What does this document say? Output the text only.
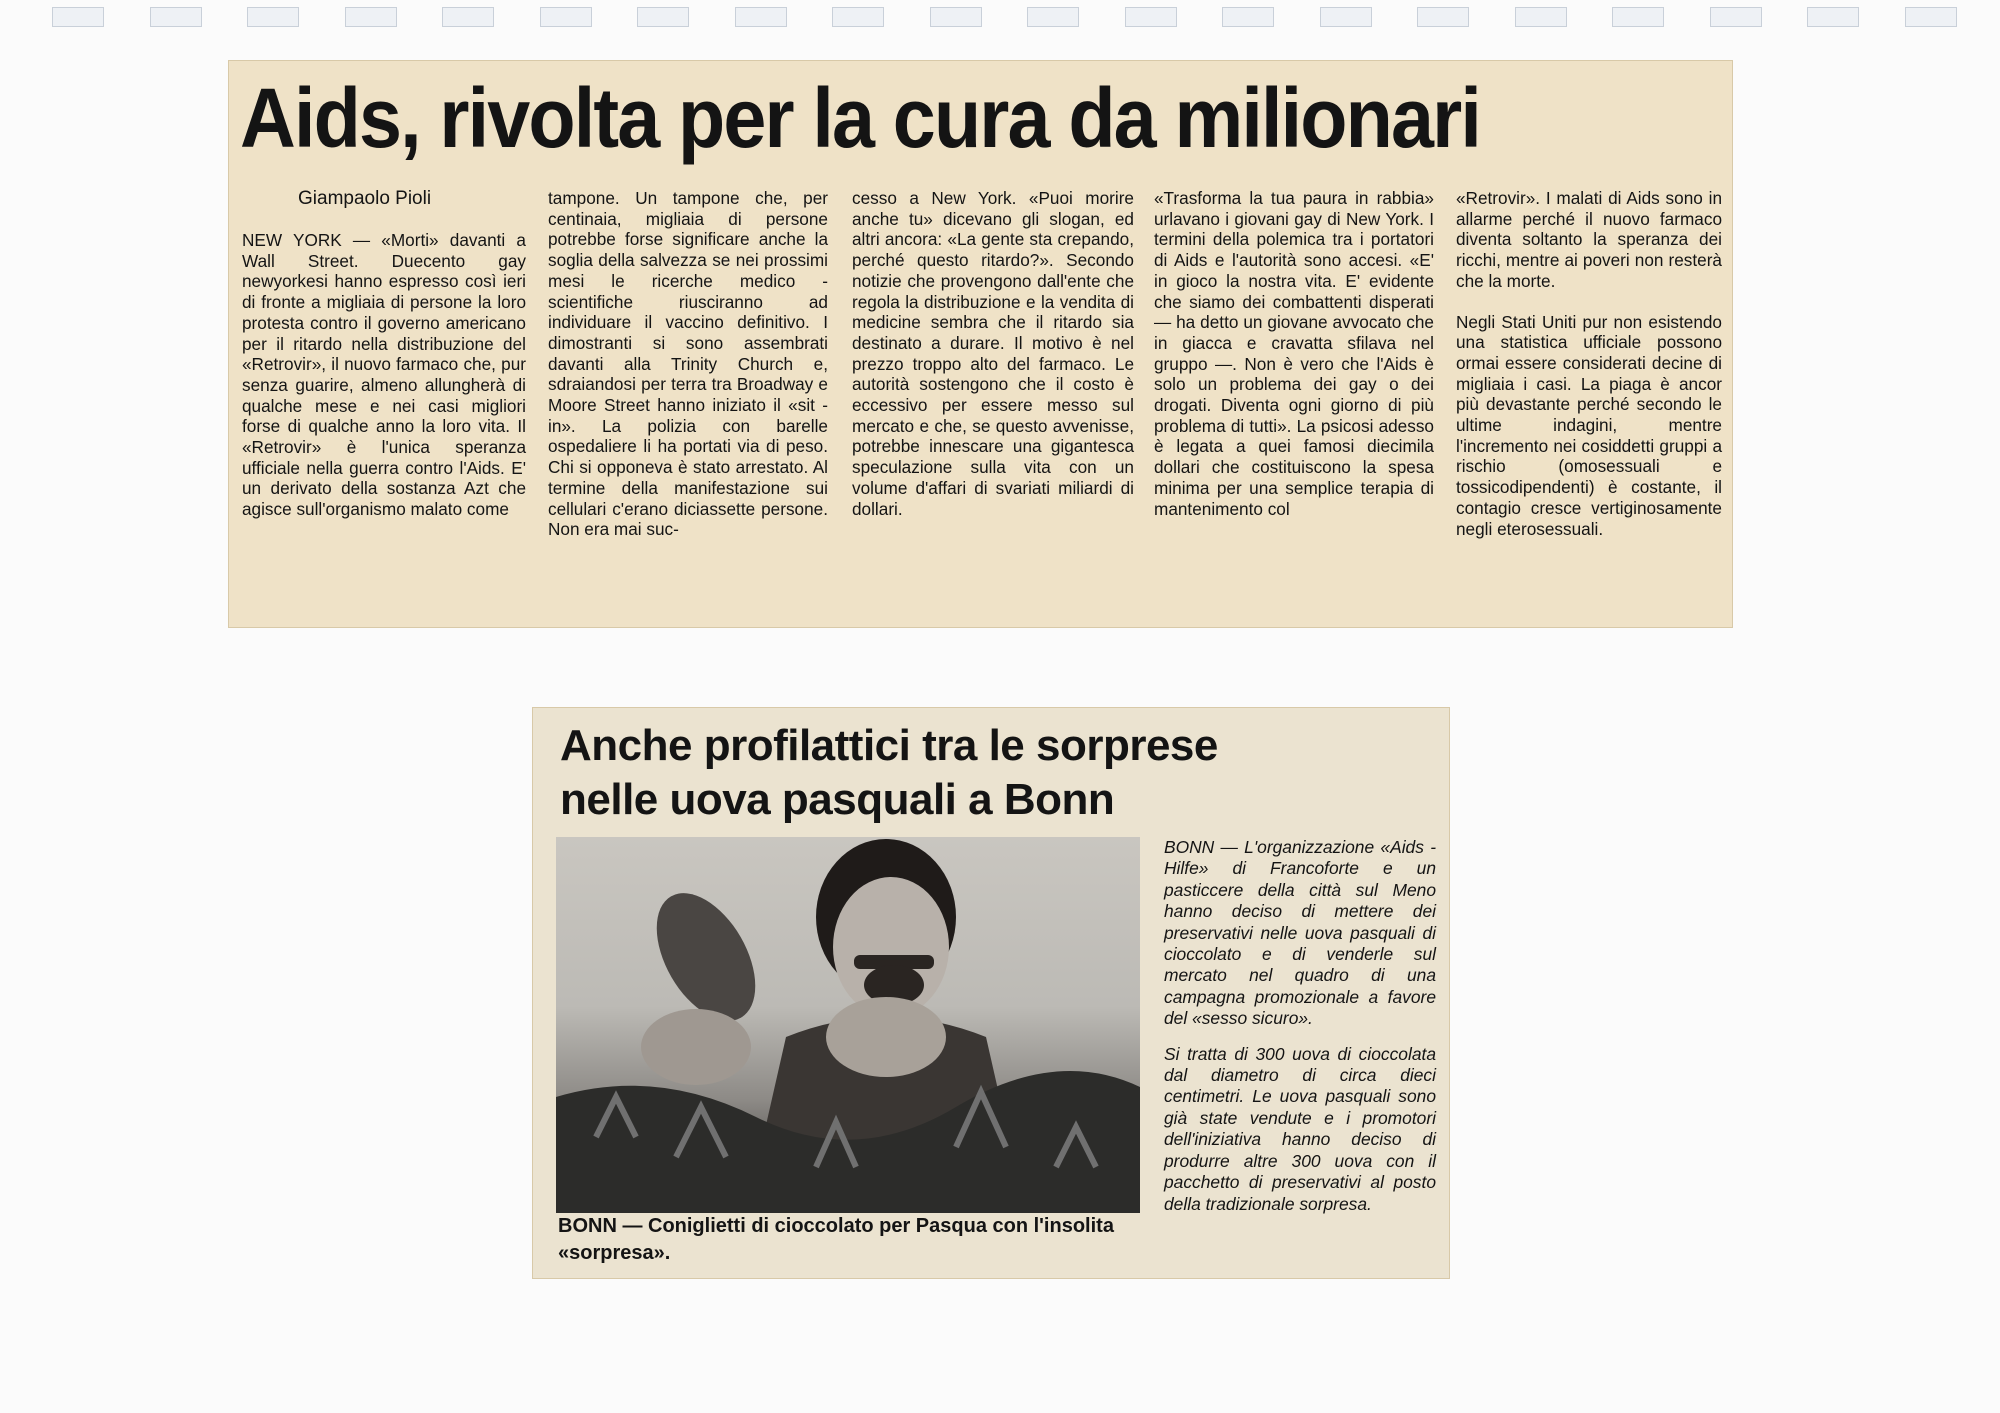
Aids, rivolta per la cura da milionari

Giampaolo Pioli

NEW YORK — «Morti» davanti a Wall Street. Duecento gay newyorkesi hanno espresso così ieri di fronte a migliaia di persone la loro protesta contro il governo americano per il ritardo nella distribuzione del «Retrovir», il nuovo farmaco che, pur senza guarire, almeno allungherà di qualche mese e nei casi migliori forse di qualche anno la loro vita. Il «Retrovir» è l'unica speranza ufficiale nella guerra contro l'Aids. E' un derivato della sostanza Azt che agisce sull'organismo malato come

tampone. Un tampone che, per centinaia, migliaia di persone potrebbe forse significare anche la soglia della salvezza se nei prossimi mesi le ricerche medico - scientifiche riusciranno ad individuare il vaccino definitivo. I dimostranti si sono assembrati davanti alla Trinity Church e, sdraiandosi per terra tra Broadway e Moore Street hanno iniziato il «sit - in». La polizia con barelle ospedaliere li ha portati via di peso. Chi si opponeva è stato arrestato. Al termine della manifestazione sui cellulari c'erano diciassette persone. Non era mai suc-

cesso a New York. «Puoi morire anche tu» dicevano gli slogan, ed altri ancora: «La gente sta crepando, perché questo ritardo?». Secondo notizie che provengono dall'ente che regola la distribuzione e la vendita di medicine sembra che il ritardo sia destinato a durare. Il motivo è nel prezzo troppo alto del farmaco. Le autorità sostengono che il costo è eccessivo per essere messo sul mercato e che, se questo avvenisse, potrebbe innescare una gigantesca speculazione sulla vita con un volume d'affari di svariati miliardi di dollari.

«Trasforma la tua paura in rabbia» urlavano i giovani gay di New York. I termini della polemica tra i portatori di Aids e l'autorità sono accesi. «E' in gioco la nostra vita. E' evidente che siamo dei combattenti disperati — ha detto un giovane avvocato che in giacca e cravatta sfilava nel gruppo —. Non è vero che l'Aids è solo un problema dei gay o dei drogati. Diventa ogni giorno di più problema di tutti». La psicosi adesso è legata a quei famosi diecimila dollari che costituiscono la spesa minima per una semplice terapia di mantenimento col

«Retrovir». I malati di Aids sono in allarme perché il nuovo farmaco diventa soltanto la speranza dei ricchi, mentre ai poveri non resterà che la morte.

Negli Stati Uniti pur non esistendo una statistica ufficiale possono ormai essere considerati decine di migliaia i casi. La piaga è ancor più devastante perché secondo le ultime indagini, mentre l'incremento nei cosiddetti gruppi a rischio (omosessuali e tossicodipendenti) è costante, il contagio cresce vertiginosamente negli eterosessuali.

Anche profilattici tra le sorprese
nelle uova pasquali a Bonn

BONN — Coniglietti di cioccolato per Pasqua con l'insolita «sorpresa».

BONN — L'organizzazione «Aids - Hilfe» di Francoforte e un pasticcere della città sul Meno hanno deciso di mettere dei preservativi nelle uova pasquali di cioccolato e di venderle sul mercato nel quadro di una campagna promozionale a favore del «sesso sicuro».

Si tratta di 300 uova di cioccolata dal diametro di circa dieci centimetri. Le uova pasquali sono già state vendute e i promotori dell'iniziativa hanno deciso di produrre altre 300 uova con il pacchetto di preservativi al posto della tradizionale sorpresa.
